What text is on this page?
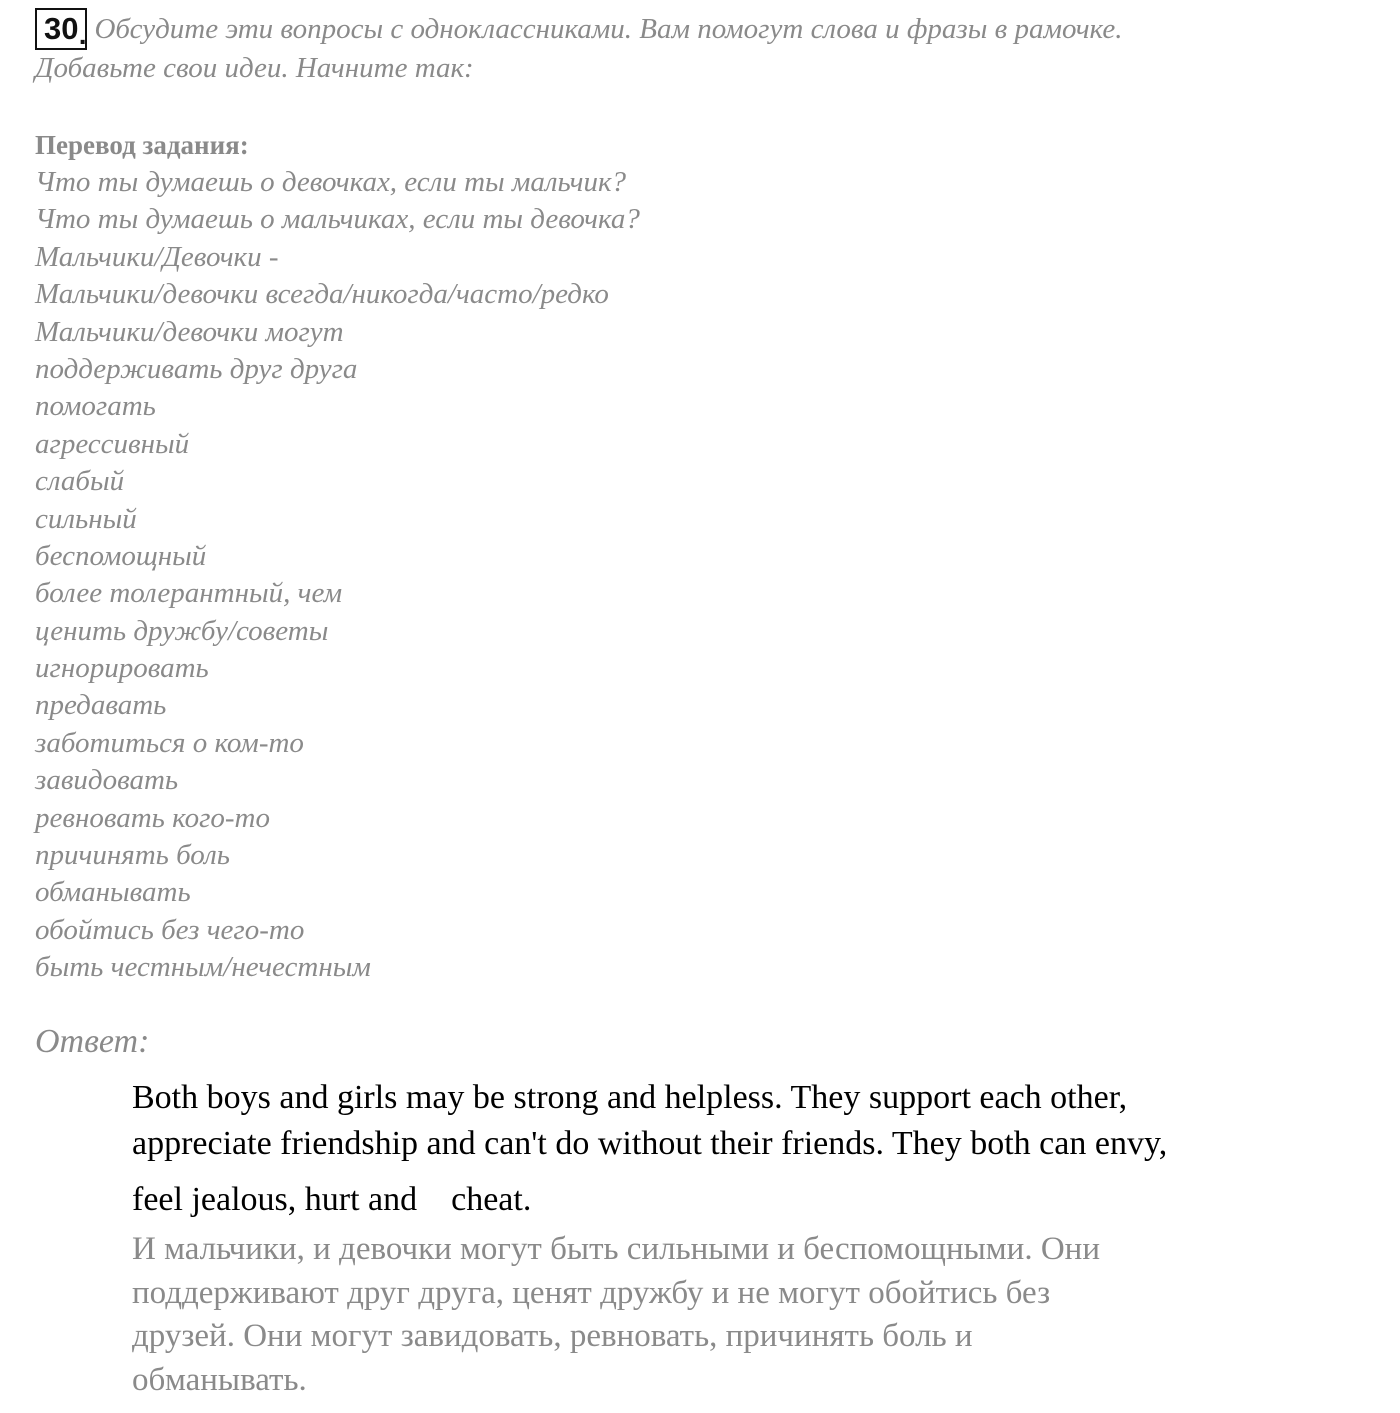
30 . Обсудите эти вопросы с одноклассниками. Вам помогут слова и фразы в рамочке.
Добавьте свои идеи. Начните так:

Перевод задания:

Что ты думаешь о девочках, если ты мальчик?
Что ты думаешь о мальчиках, если ты девочка?
Мальчики/Девочки -
Мальчики/девочки всегда/никогда/часто/редко
Мальчики/девочки могут
поддерживать друг друга
помогать
агрессивный
слабый
сильный
беспомощный
более толерантный, чем
ценить дружбу/советы
игнорировать
предавать
заботиться о ком-то
завидовать
ревновать кого-то
причинять боль
обманывать
обойтись без чего-то
быть честным/нечестным
Ответ:
Both boys and girls may be strong and helpless. They support each other,
appreciate friendship and can't do without their friends. They both can envy,
feel jealous, hurt and    cheat.
И мальчики, и девочки могут быть сильными и беспомощными. Они
поддерживают друг друга, ценят дружбу и не могут обойтись без
друзей. Они могут завидовать, ревновать, причинять боль и
обманывать.
